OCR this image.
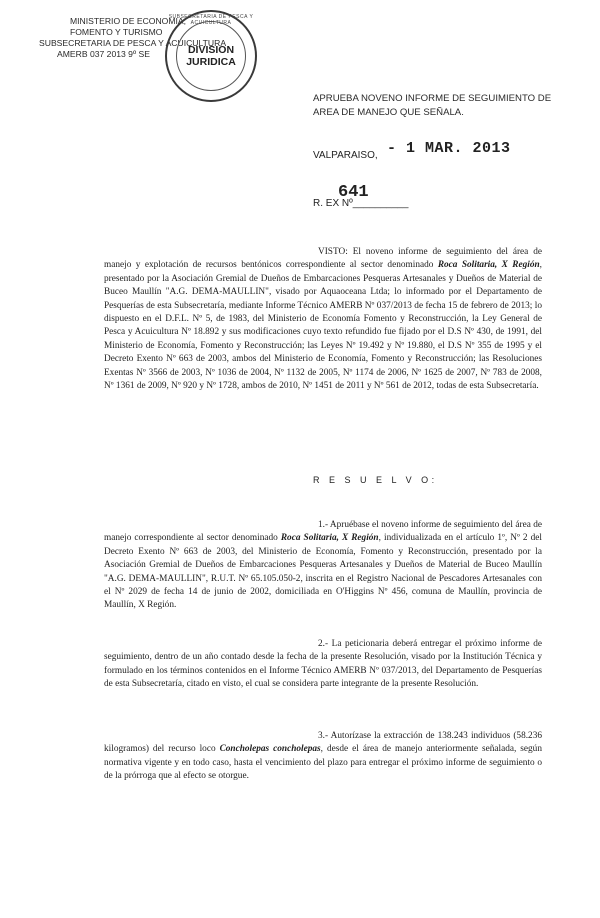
MINISTERIO DE ECONOMIA,
FOMENTO Y TURISMO
SUBSECRETARIA DE PESCA Y ACUICULTURA
AMERB 037 2013 9º SE
SUBSECRETARIA DE PESCA Y ACUICULTURA
DIVISION
JURIDICA
APRUEBA NOVENO INFORME DE SEGUIMIENTO DE
AREA DE MANEJO QUE SEÑALA.
VALPARAISO, - 1 MAR. 2013
641
R. EX Nº__________
VISTO: El noveno informe de seguimiento del área de manejo y explotación de recursos bentónicos correspondiente al sector denominado Roca Solitaria, X Región, presentado por la Asociación Gremial de Dueños de Embarcaciones Pesqueras Artesanales y Dueños de Material de Buceo Maullín "A.G. DEMA-MAULLIN", visado por Aquaoceana Ltda; lo informado por el Departamento de Pesquerías de esta Subsecretaría, mediante Informe Técnico AMERB Nº 037/2013 de fecha 15 de febrero de 2013; lo dispuesto en el D.F.L. Nº 5, de 1983, del Ministerio de Economía Fomento y Reconstrucción, la Ley General de Pesca y Acuicultura Nº 18.892 y sus modificaciones cuyo texto refundido fue fijado por el D.S Nº 430, de 1991, del Ministerio de Economía, Fomento y Reconstrucción; las Leyes Nº 19.492 y Nº 19.880, el D.S Nº 355 de 1995 y el Decreto Exento Nº 663 de 2003, ambos del Ministerio de Economía, Fomento y Reconstrucción; las Resoluciones Exentas Nº 3566 de 2003, Nº 1036 de 2004, Nº 1132 de 2005, Nº 1174 de 2006, Nº 1625 de 2007, Nº 783 de 2008, Nº 1361 de 2009, Nº 920 y Nº 1728, ambos de 2010, Nº 1451 de 2011 y Nº 561 de 2012, todas de esta Subsecretaría.
R E S U E L V O:
1.- Apruébase el noveno informe de seguimiento del área de manejo correspondiente al sector denominado Roca Solitaria, X Región, individualizada en el artículo 1º, Nº 2 del Decreto Exento Nº 663 de 2003, del Ministerio de Economía, Fomento y Reconstrucción, presentado por la Asociación Gremial de Dueños de Embarcaciones Pesqueras Artesanales y Dueños de Material de Buceo Maullín "A.G. DEMA-MAULLIN", R.U.T. Nº 65.105.050-2, inscrita en el Registro Nacional de Pescadores Artesanales con el Nº 2029 de fecha 14 de junio de 2002, domiciliada en O'Higgins Nº 456, comuna de Maullín, provincia de Maullín, X Región.
2.- La peticionaria deberá entregar el próximo informe de seguimiento, dentro de un año contado desde la fecha de la presente Resolución, visado por la Institución Técnica y formulado en los términos contenidos en el Informe Técnico AMERB Nº 037/2013, del Departamento de Pesquerías de esta Subsecretaría, citado en visto, el cual se considera parte integrante de la presente Resolución.
3.- Autorízase la extracción de 138.243 individuos (58.236 kilogramos) del recurso loco Concholepas concholepas, desde el área de manejo anteriormente señalada, según normativa vigente y en todo caso, hasta el vencimiento del plazo para entregar el próximo informe de seguimiento o de la prórroga que al efecto se otorgue.
